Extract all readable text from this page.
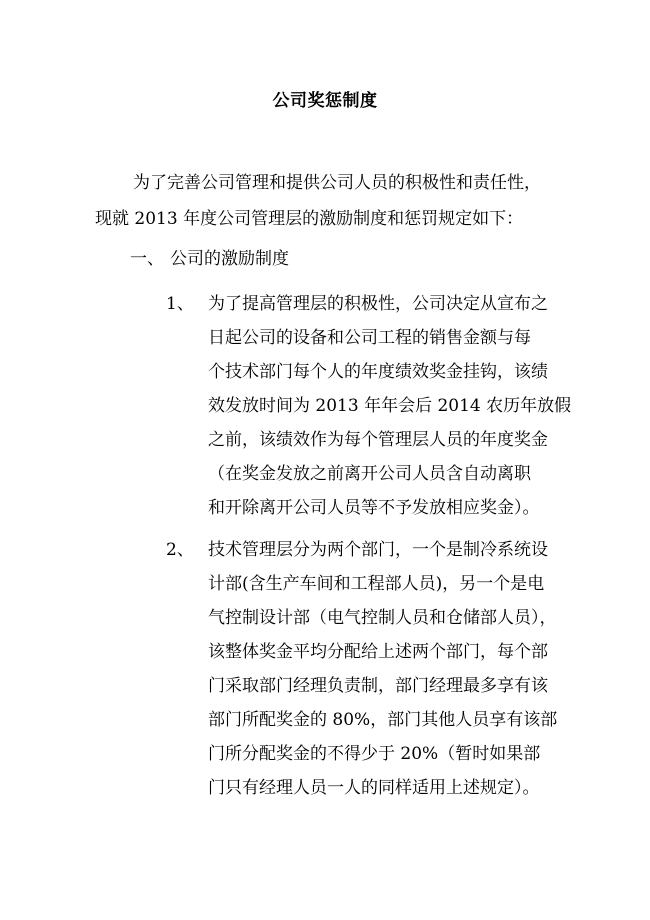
公司奖惩制度
为了完善公司管理和提供公司人员的积极性和责任性，
现就 2013 年度公司管理层的激励制度和惩罚规定如下：
一、 公司的激励制度
1、 为了提高管理层的积极性，公司决定从宣布之
日起公司的设备和公司工程的销售金额与每
个技术部门每个人的年度绩效奖金挂钩，该绩
效发放时间为 2013 年年会后 2014 农历年放假
之前，该绩效作为每个管理层人员的年度奖金
（在奖金发放之前离开公司人员含自动离职
和开除离开公司人员等不予发放相应奖金）。
2、 技术管理层分为两个部门，一个是制冷系统设
计部(含生产车间和工程部人员)，另一个是电
气控制设计部（电气控制人员和仓储部人员），
该整体奖金平均分配给上述两个部门，每个部
门采取部门经理负责制，部门经理最多享有该
部门所配奖金的 80%，部门其他人员享有该部
门所分配奖金的不得少于 20%（暂时如果部
门只有经理人员一人的同样适用上述规定）。
